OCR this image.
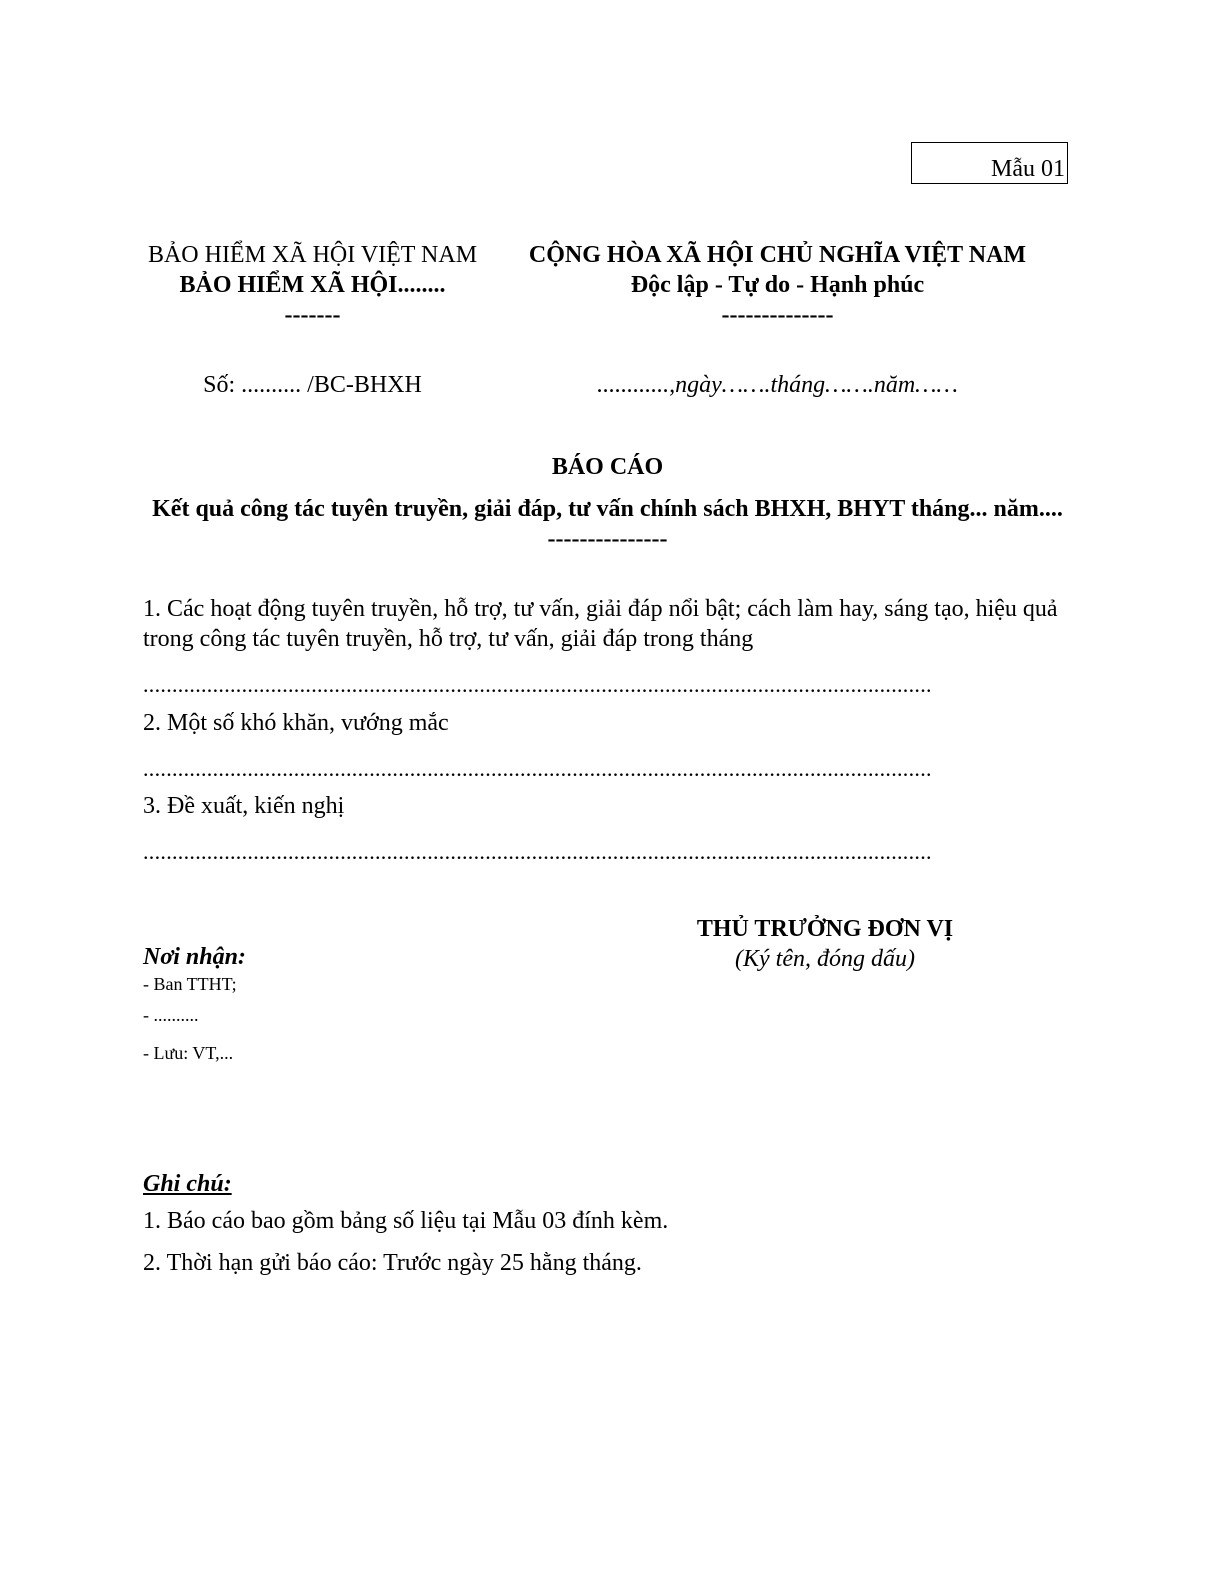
Mẫu 01
BẢO HIỂM XÃ HỘI VIỆT NAM
BẢO HIỂM XÃ HỘI........
-------
CỘNG HÒA XÃ HỘI CHỦ NGHĨA VIỆT NAM
Độc lập - Tự do - Hạnh phúc
--------------
Số: .......... /BC-BHXH	............,ngày…….tháng…….năm……
BÁO CÁO
Kết quả công tác tuyên truyền, giải đáp, tư vấn chính sách BHXH, BHYT tháng... năm....
---------------
1. Các hoạt động tuyên truyền, hỗ trợ, tư vấn, giải đáp nổi bật; cách làm hay, sáng tạo, hiệu quả trong công tác tuyên truyền, hỗ trợ, tư vấn, giải đáp trong tháng
........................................................................................................................................
2. Một số khó khăn, vướng mắc
........................................................................................................................................
3. Đề xuất, kiến nghị
........................................................................................................................................
THỦ TRƯỞNG ĐƠN VỊ
(Ký tên, đóng dấu)
Nơi nhận:
- Ban TTHT;
- ..........
- Lưu: VT,...
Ghi chú:
1. Báo cáo bao gồm bảng số liệu tại Mẫu 03 đính kèm.
2. Thời hạn gửi báo cáo: Trước ngày 25 hằng tháng.
